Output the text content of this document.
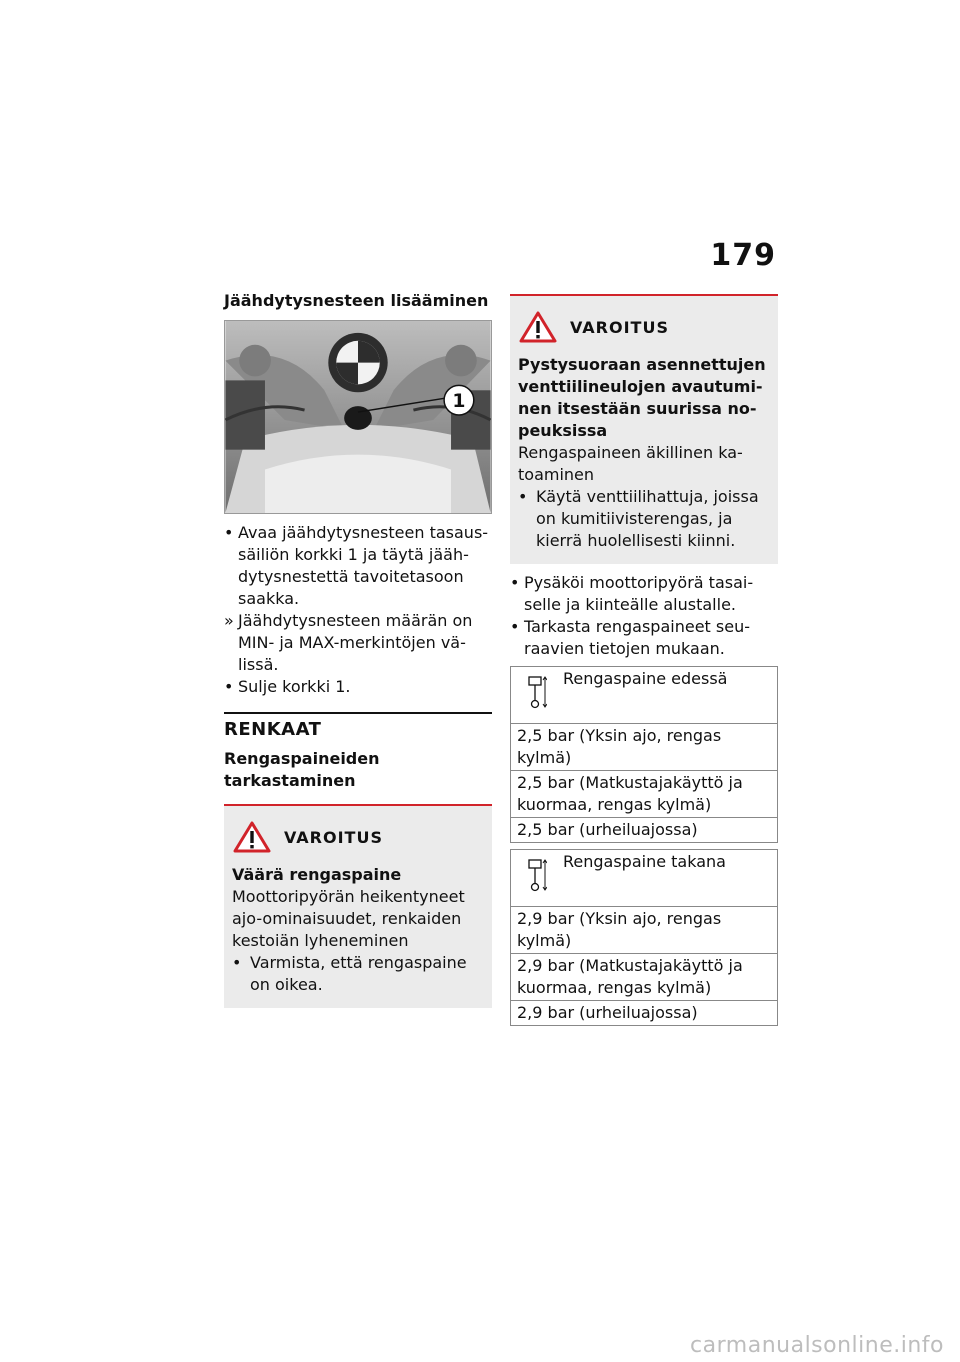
179
Jäähdytysnesteen lisääminen
1
• Avaa jäähdytysnesteen tasaussäiliön korkki 1 ja täytä jäähdytysnestettä tavoitetasoon saakka.
» Jäähdytysnesteen määrän on MIN- ja MAX-merkintöjen välissä.
• Sulje korkki 1.
RENKAAT
Rengaspaineiden tarkastaminen
VAROITUS
Väärä rengaspaine
Moottoripyörän heikentyneet ajo-ominaisuudet, renkaiden kestoiän lyheneminen
• Varmista, että rengaspaine on oikea.
VAROITUS
Pystysuoraan asennettujen venttiilineulojen avautuminen itsestään suurissa nopeuksissa
Rengaspaineen äkillinen katoaminen
• Käytä venttiilihattuja, joissa on kumitiivisterengas, ja kierrä huolellisesti kiinni.
• Pysäköi moottoripyörä tasaiselle ja kiinteälle alustalle.
• Tarkasta rengaspaineet seuraavien tietojen mukaan.
Rengaspaine edessä

2,5 bar (Yksin ajo, rengas kylmä)
2,5 bar (Matkustajakäyttö ja kuormaa, rengas kylmä)
2,5 bar (urheiluajossa)
Rengaspaine takana

2,9 bar (Yksin ajo, rengas kylmä)
2,9 bar (Matkustajakäyttö ja kuormaa, rengas kylmä)
2,9 bar (urheiluajossa)
carmanualsonline.info
